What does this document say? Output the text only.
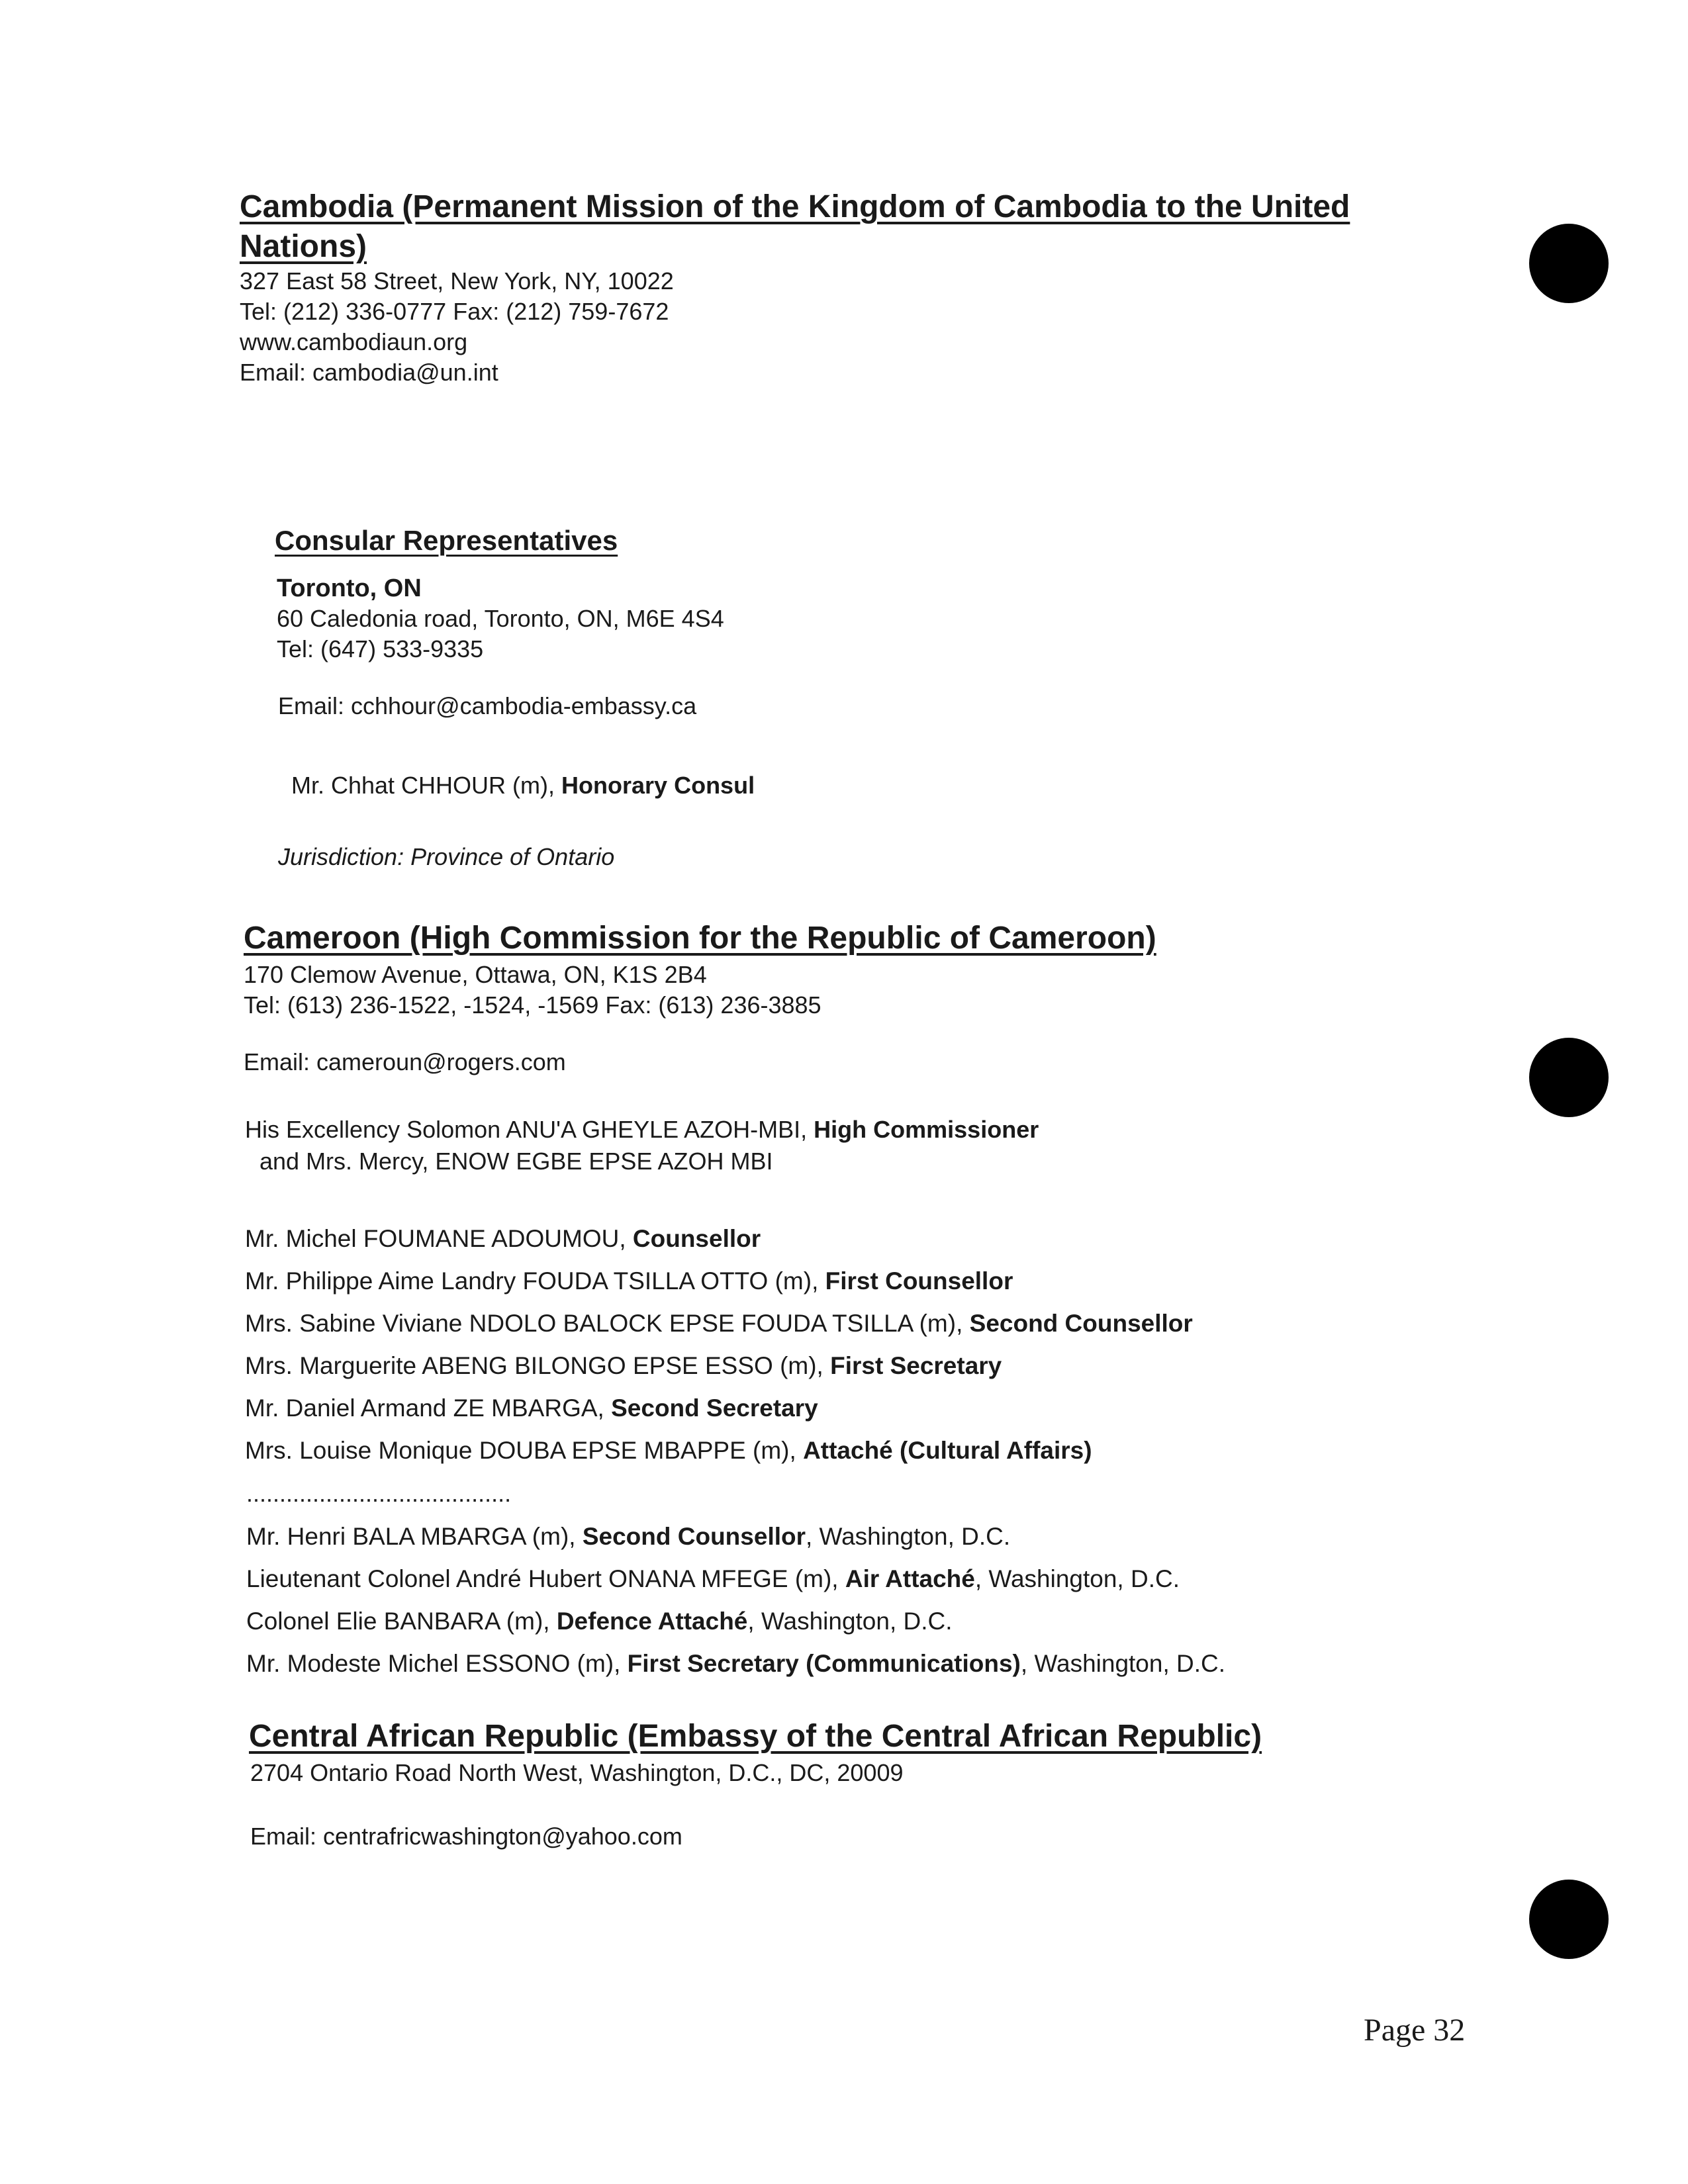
Cambodia (Permanent Mission of the Kingdom of Cambodia to the United
Nations)
327 East 58 Street, New York, NY, 10022
Tel: (212) 336-0777 Fax: (212) 759-7672
www.cambodiaun.org
Email: cambodia@un.int
Consular Representatives
Toronto, ON
60 Caledonia road, Toronto, ON, M6E 4S4
Tel: (647) 533-9335
Email: cchhour@cambodia-embassy.ca
Mr. Chhat CHHOUR (m), Honorary Consul
Jurisdiction: Province of Ontario
Cameroon (High Commission for the Republic of Cameroon)
170 Clemow Avenue, Ottawa, ON, K1S 2B4
Tel: (613) 236-1522, -1524, -1569 Fax: (613) 236-3885
Email: cameroun@rogers.com
His Excellency Solomon ANU'A GHEYLE AZOH-MBI, High Commissioner
and Mrs. Mercy, ENOW EGBE EPSE AZOH MBI
Mr. Michel FOUMANE ADOUMOU, Counsellor
Mr. Philippe Aime Landry FOUDA TSILLA OTTO (m), First Counsellor
Mrs. Sabine Viviane NDOLO BALOCK EPSE FOUDA TSILLA (m), Second Counsellor
Mrs. Marguerite ABENG BILONGO EPSE ESSO (m), First Secretary
Mr. Daniel Armand ZE MBARGA, Second Secretary
Mrs. Louise Monique DOUBA EPSE MBAPPE (m), Attaché (Cultural Affairs)
........................................
Mr. Henri BALA MBARGA (m), Second Counsellor, Washington, D.C.
Lieutenant Colonel André Hubert ONANA MFEGE (m), Air Attaché, Washington, D.C.
Colonel Elie BANBARA (m), Defence Attaché, Washington, D.C.
Mr. Modeste Michel ESSONO (m), First Secretary (Communications), Washington, D.C.
Central African Republic (Embassy of the Central African Republic)
2704 Ontario Road North West, Washington, D.C., DC, 20009
Email: centrafricwashington@yahoo.com
Page 32
